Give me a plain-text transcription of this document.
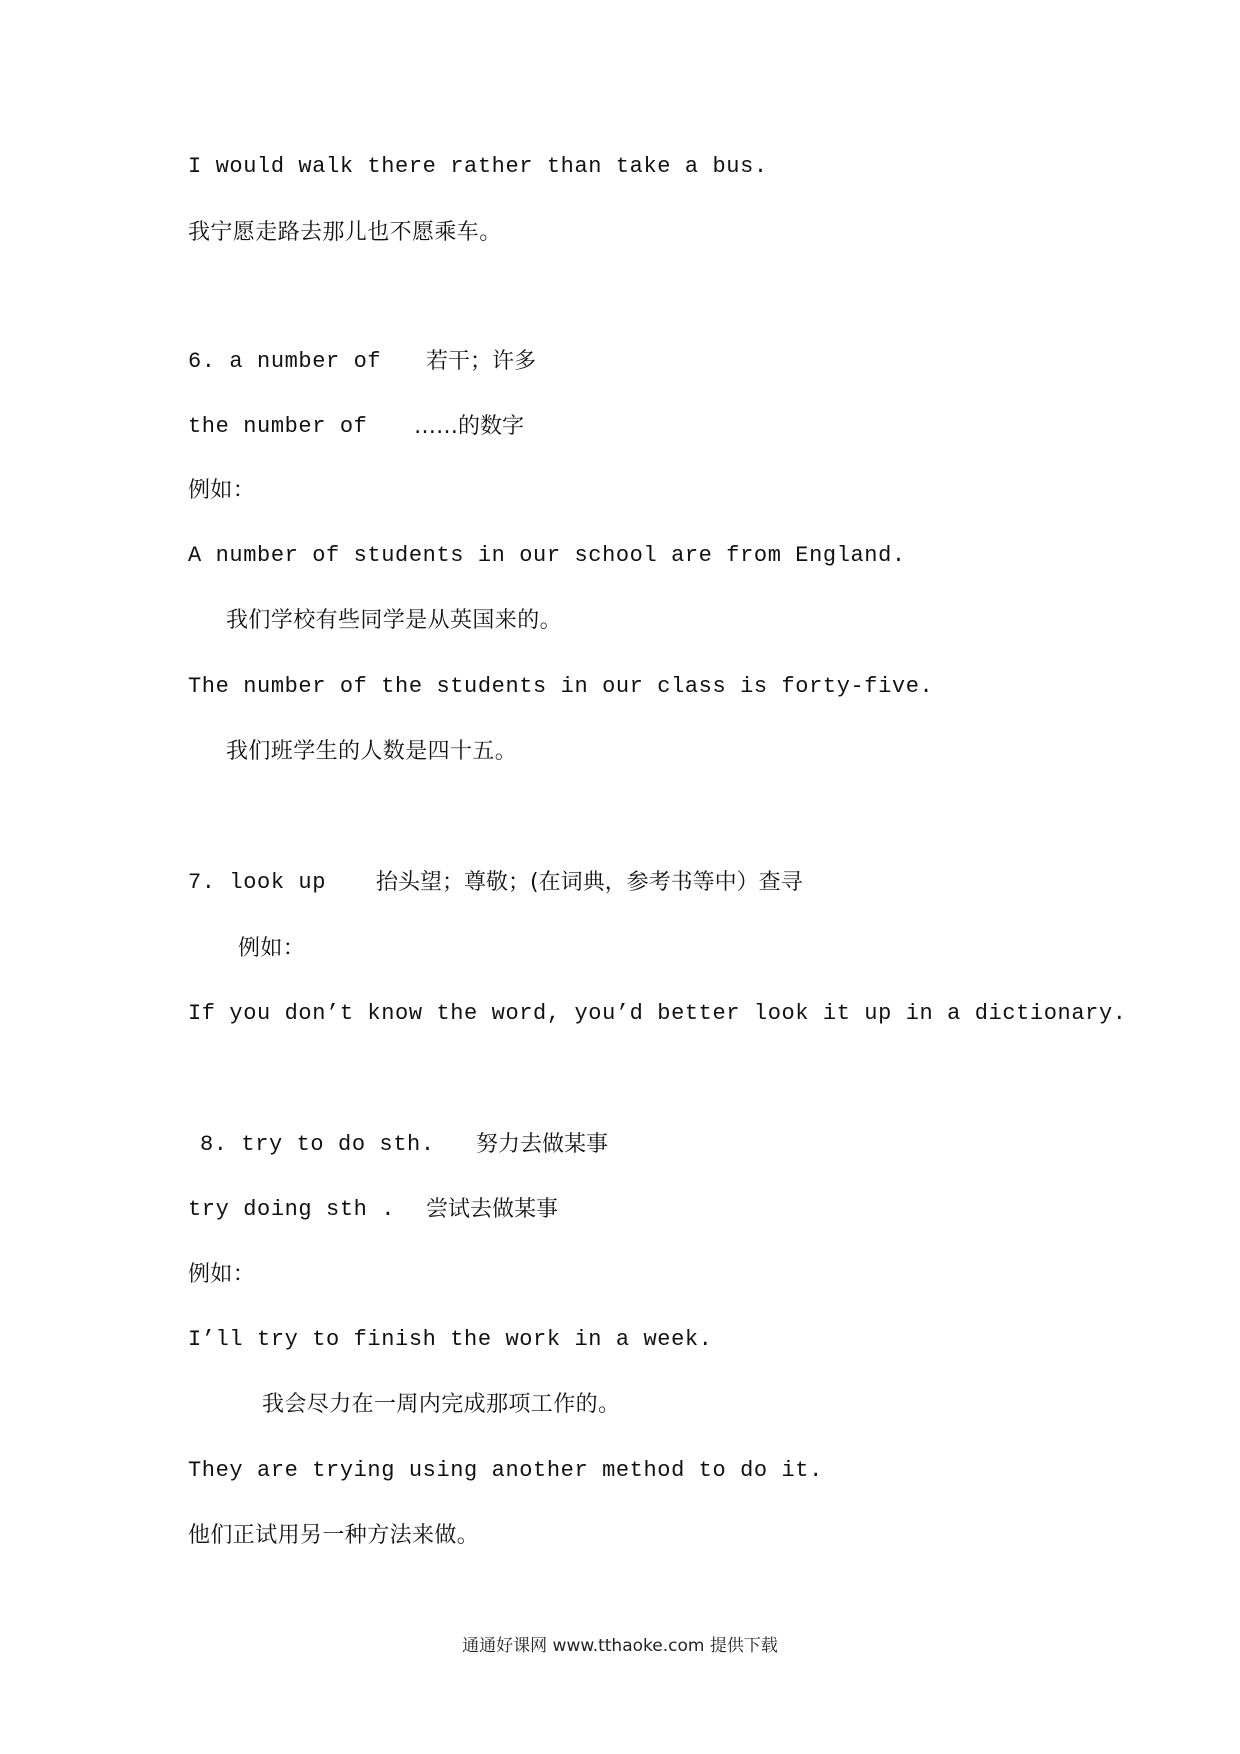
I would walk there rather than take a bus.
我宁愿走路去那儿也不愿乘车。
6. a number of 若干；许多
the number of ……的数字
例如：
A number of students in our school are from England.
我们学校有些同学是从英国来的。
The number of the students in our class is forty-five.
我们班学生的人数是四十五。
7. look up 抬头望；尊敬；(在词典，参考书等中）查寻
例如：
If you don’t know the word, you’d better look it up in a dictionary.
8. try to do sth. 努力去做某事
try doing sth . 尝试去做某事
例如：
I’ll try to finish the work in a week.
我会尽力在一周内完成那项工作的。
They are trying using another method to do it.
他们正试用另一种方法来做。
通通好课网 www.tthaoke.com 提供下载
